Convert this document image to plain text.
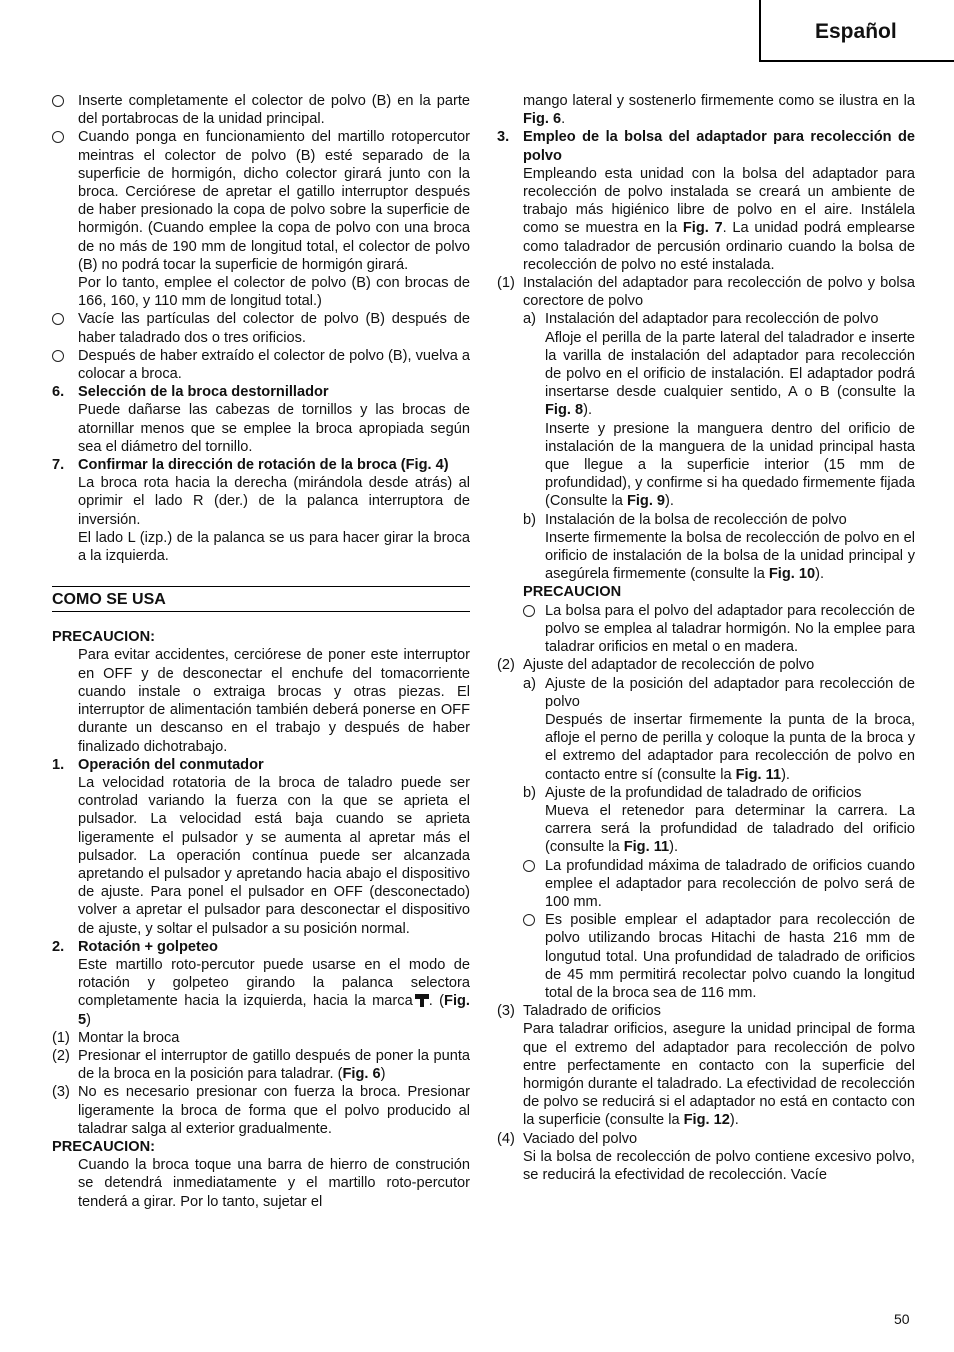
Español

Inserte completamente el colector de polvo (B) en la parte del portabrocas de la unidad principal.

Cuando ponga en funcionamiento del martillo rotopercutor meintras el colector de polvo (B) esté separado de la superficie de hormigón, dicho colector girará junto con la broca. Cerciórese de apretar el gatillo interruptor después de haber presionado la copa de polvo sobre la superficie de hormigón. (Cuando emplee la copa de polvo con una broca de no más de 190 mm de longitud total, el colector de polvo (B) no podrá tocar la superficie de hormigón girará.

Por lo tanto, emplee el colector de polvo (B) con brocas de 166, 160, y 110 mm de longitud total.)

Vacíe las partículas del colector de polvo (B) después de haber taladrado dos o tres orificios.

Después de haber extraído el colector de polvo (B), vuelva a colocar a broca.

6. Selección de la broca destornillador

Puede dañarse las cabezas de tornillos y las brocas de atornillar menos que se emplee la broca apropiada según sea el diámetro del tornillo.

7. Confirmar la dirección de rotación de la broca (Fig. 4)

La broca rota hacia la derecha (mirándola desde atrás) al oprimir el lado R (der.) de la palanca interruptora de inversión.

El lado L (izp.) de la palanca se us para hacer girar la broca a la izquierda.

COMO SE USA

PRECAUCION:

Para evitar accidentes, cerciórese de poner este interruptor en OFF y de desconectar el enchufe del tomacorriente cuando instale o extraiga brocas y otras piezas. El interruptor de alimentación también deberá ponerse en OFF durante un descanso en el trabajo y después de haber finalizado dichotrabajo.

1. Operación del conmutador

La velocidad rotatoria de la broca de taladro puede ser controlad variando la fuerza con la que se aprieta el pulsador. La velocidad está baja cuando se aprieta ligeramente el pulsador y se aumenta al apretar más el pulsador. La operación contínua puede ser alcanzada apretando el pulsador y apretando hacia abajo el dispositivo de ajuste. Para ponel el pulsador en OFF (desconectado) volver a apretar el pulsador para desconectar el dispositivo de ajuste, y soltar el pulsador a su posición normal.

2. Rotación + golpeteo

Este martillo roto-percutor puede usarse en el modo de rotación y golpeteo girando la palanca selectora completamente hacia la izquierda, hacia la marca . (Fig. 5)

(1) Montar la broca

(2) Presionar el interruptor de gatillo después de poner la punta de la broca en la posición para taladrar. (Fig. 6)

(3) No es necesario presionar con fuerza la broca. Presionar ligeramente la broca de forma que el polvo producido al taladrar salga al exterior gradualmente.

PRECAUCION:

Cuando la broca toque una barra de hierro de construción se detendrá inmediatamente y el martillo roto-percutor tenderá a girar. Por lo tanto, sujetar el

mango lateral y sostenerlo firmemente como se ilustra en la Fig. 6.

3. Empleo de la bolsa del adaptador para recolección de polvo

Empleando esta unidad con la bolsa del adaptador para recolección de polvo instalada se creará un ambiente de trabajo más higiénico libre de polvo en el aire. Instálela como se muestra en la Fig. 7. La unidad podrá emplearse como taladrador de percusión ordinario cuando la bolsa de recolección de polvo no esté instalada.

(1) Instalación del adaptador para recolección de polvo y bolsa corectore de polvo

a) Instalación del adaptador para recolección de polvo

Afloje el perilla de la parte lateral del taladrador e inserte la varilla de instalación del adaptador para recolección de polvo en el orificio de instalación. El adaptador podrá insertarse desde cualquier sentido, A o B (consulte la Fig. 8).

Inserte y presione la manguera dentro del orificio de instalación de la manguera de la unidad principal hasta que llegue a la superficie interior (15 mm de profundidad), y confirme si ha quedado firmemente fijada (Consulte la Fig. 9).

b) Instalación de la bolsa de recolección de polvo

Inserte firmemente la bolsa de recolección de polvo en el orificio de instalación de la bolsa de la unidad principal y asegúrela firmemente (consulte la Fig. 10).

PRECAUCION

La bolsa para el polvo del adaptador para recolección de polvo se emplea al taladrar hormigón. No la emplee para taladrar orificios en metal o en madera.

(2) Ajuste del adaptador de recolección de polvo

a) Ajuste de la posición del adaptador para recolección de polvo

Después de insertar firmemente la punta de la broca, afloje el perno de perilla y coloque la punta de la broca y el extremo del adaptador para recolección de polvo en contacto entre sí (consulte la Fig. 11).

b) Ajuste de la profundidad de taladrado de orificios

Mueva el retenedor para determinar la carrera. La carrera será la profundidad de taladrado del orificio (consulte la Fig. 11).

La profundidad máxima de taladrado de orificios cuando emplee el adaptador para recolección de polvo será de 100 mm.

Es posible emplear el adaptador para recolección de polvo utilizando brocas Hitachi de hasta 216 mm de longutud total. Una profundidad de taladrado de orificios de 45 mm permitirá recolectar polvo cuando la longitud total de la broca sea de 116 mm.

(3) Taladrado de orificios

Para taladrar orificios, asegure la unidad principal de forma que el extremo del adaptador para recolección de polvo entre perfectamente en contacto con la superficie del hormigón durante el taladrado. La efectividad de recolección de polvo se reducirá si el adaptador no está en contacto con la superficie (consulte la Fig. 12).

(4) Vaciado del polvo

Si la bolsa de recolección de polvo contiene excesivo polvo, se reducirá la efectividad de recolección. Vacíe

50
